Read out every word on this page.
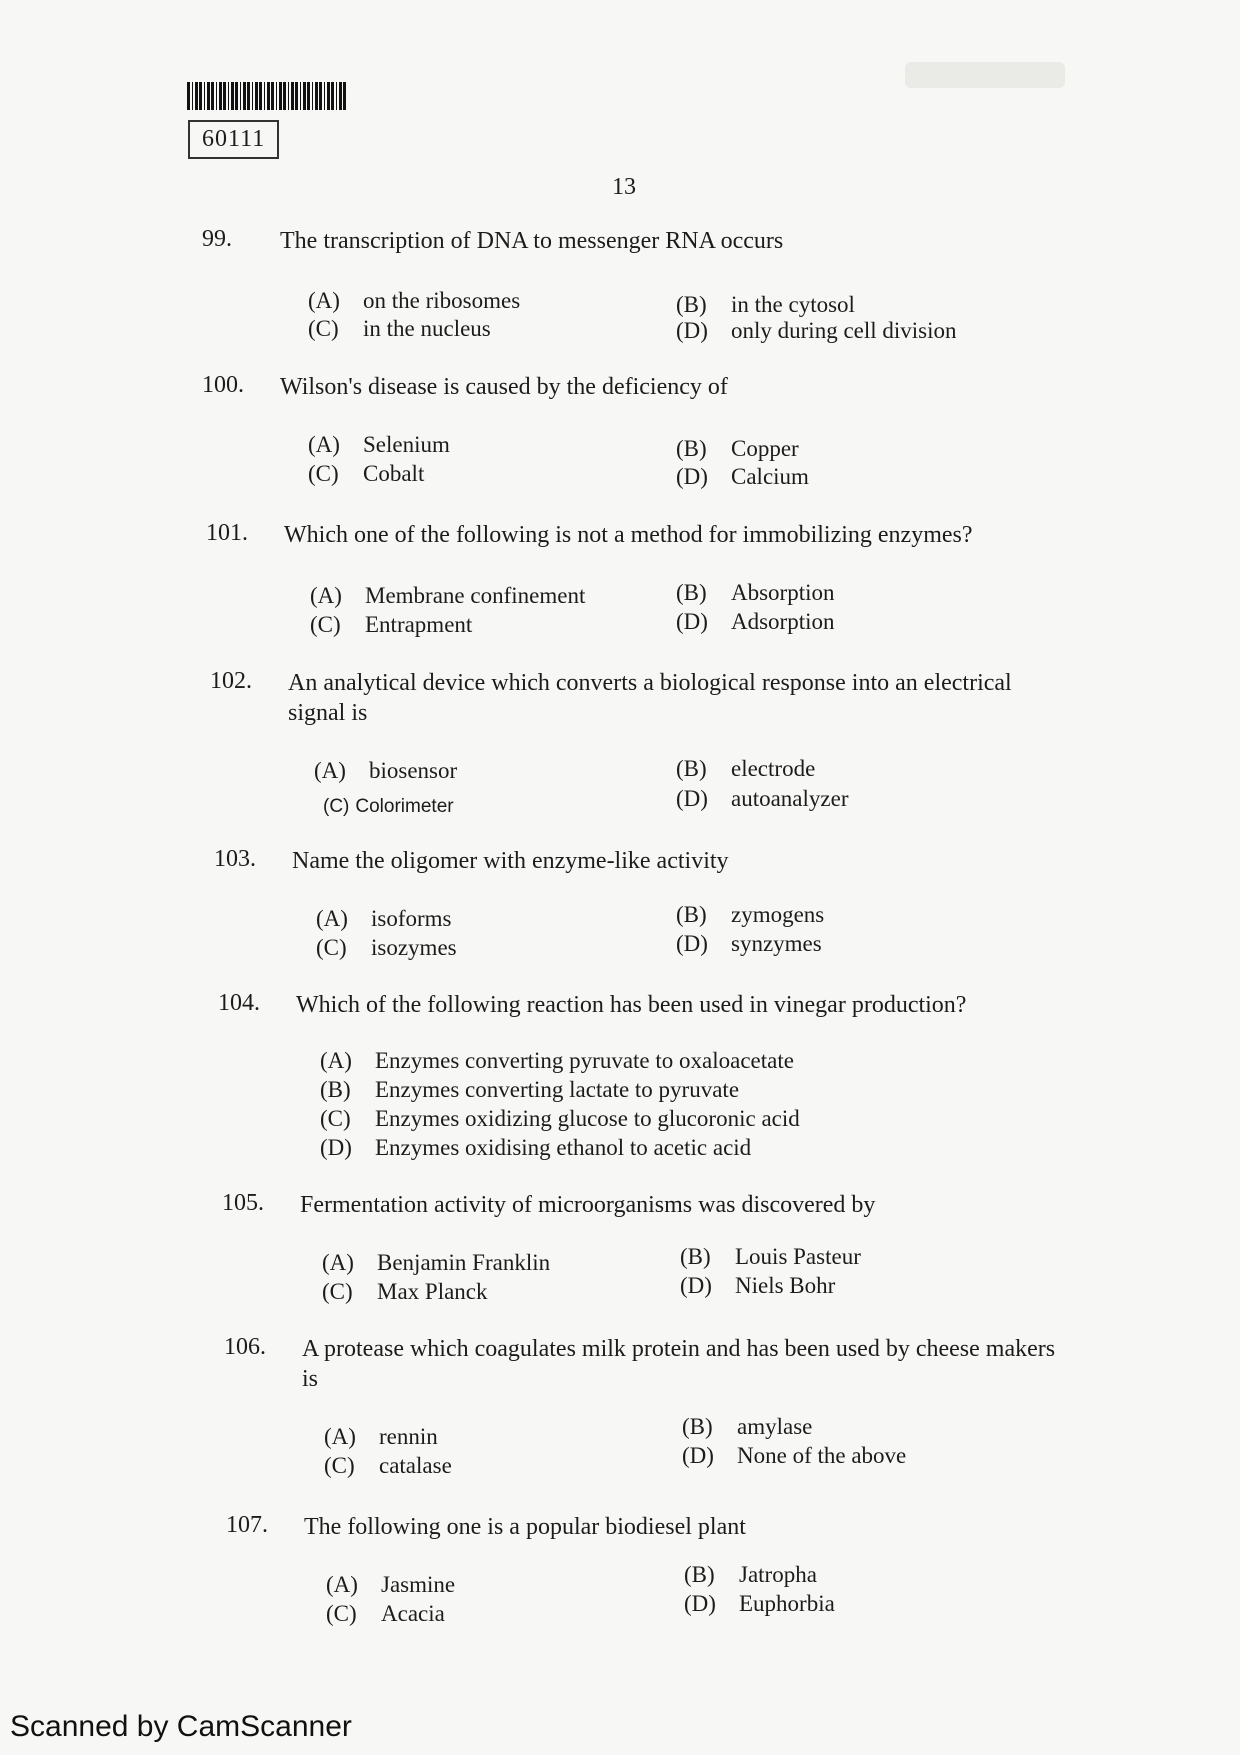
60111
13
99.	The transcription of DNA to messenger RNA occurs
(A) on the ribosomes	(B) in the cytosol
(C) in the nucleus	(D) only during cell division
100.	Wilson's disease is caused by the deficiency of
(A) Selenium	(B) Copper
(C) Cobalt	(D) Calcium
101.	Which one of the following is not a method for immobilizing enzymes?
(A) Membrane confinement	(B) Absorption
(C) Entrapment	(D) Adsorption
102.	An analytical device which converts a biological response into an electrical signal is
(A) biosensor	(B) electrode
(C) Colorimeter	(D) autoanalyzer
103.	Name the oligomer with enzyme-like activity
(A) isoforms	(B) zymogens
(C) isozymes	(D) synzymes
104.	Which of the following reaction has been used in vinegar production?
(A) Enzymes converting pyruvate to oxaloacetate
(B) Enzymes converting lactate to pyruvate
(C) Enzymes oxidizing glucose to glucoronic acid
(D) Enzymes oxidising ethanol to acetic acid
105.	Fermentation activity of microorganisms was discovered by
(A) Benjamin Franklin	(B) Louis Pasteur
(C) Max Planck	(D) Niels Bohr
106.	A protease which coagulates milk protein and has been used by cheese makers is
(A) rennin	(B) amylase
(C) catalase	(D) None of the above
107.	The following one is a popular biodiesel plant
(A) Jasmine	(B) Jatropha
(C) Acacia	(D) Euphorbia
Scanned by CamScanner
